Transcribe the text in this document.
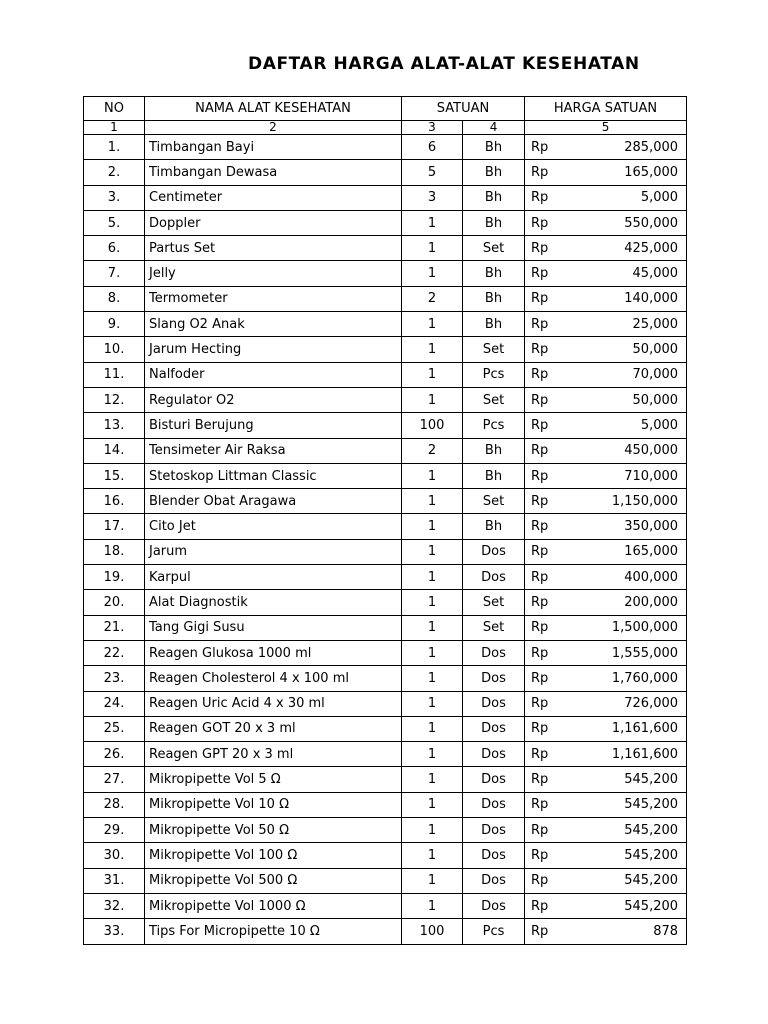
DAFTAR HARGA ALAT-ALAT KESEHATAN
NO	NAMA ALAT KESEHATAN	SATUAN		HARGA SATUAN	
1	2	3	4	5	
1.	Timbangan Bayi	6	Bh	Rp	285,000
2.	Timbangan Dewasa	5	Bh	Rp	165,000
3.	Centimeter	3	Bh	Rp	5,000
5.	Doppler	1	Bh	Rp	550,000
6.	Partus Set	1	Set	Rp	425,000
7.	Jelly	1	Bh	Rp	45,000
8.	Termometer	2	Bh	Rp	140,000
9.	Slang O2 Anak	1	Bh	Rp	25,000
10.	Jarum Hecting	1	Set	Rp	50,000
11.	Nalfoder	1	Pcs	Rp	70,000
12.	Regulator O2	1	Set	Rp	50,000
13.	Bisturi Berujung	100	Pcs	Rp	5,000
14.	Tensimeter Air Raksa	2	Bh	Rp	450,000
15.	Stetoskop Littman Classic	1	Bh	Rp	710,000
16.	Blender Obat Aragawa	1	Set	Rp	1,150,000
17.	Cito Jet	1	Bh	Rp	350,000
18.	Jarum	1	Dos	Rp	165,000
19.	Karpul	1	Dos	Rp	400,000
20.	Alat Diagnostik	1	Set	Rp	200,000
21.	Tang Gigi Susu	1	Set	Rp	1,500,000
22.	Reagen Glukosa 1000 ml	1	Dos	Rp	1,555,000
23.	Reagen Cholesterol 4 x 100 ml	1	Dos	Rp	1,760,000
24.	Reagen Uric Acid 4 x 30 ml	1	Dos	Rp	726,000
25.	Reagen GOT 20 x 3 ml	1	Dos	Rp	1,161,600
26.	Reagen GPT 20 x 3 ml	1	Dos	Rp	1,161,600
27.	Mikropipette Vol 5 Ω	1	Dos	Rp	545,200
28.	Mikropipette Vol 10 Ω	1	Dos	Rp	545,200
29.	Mikropipette Vol 50 Ω	1	Dos	Rp	545,200
30.	Mikropipette Vol 100 Ω	1	Dos	Rp	545,200
31.	Mikropipette Vol 500 Ω	1	Dos	Rp	545,200
32.	Mikropipette Vol 1000 Ω	1	Dos	Rp	545,200
33.	Tips For Micropipette 10 Ω	100	Pcs	Rp	878
